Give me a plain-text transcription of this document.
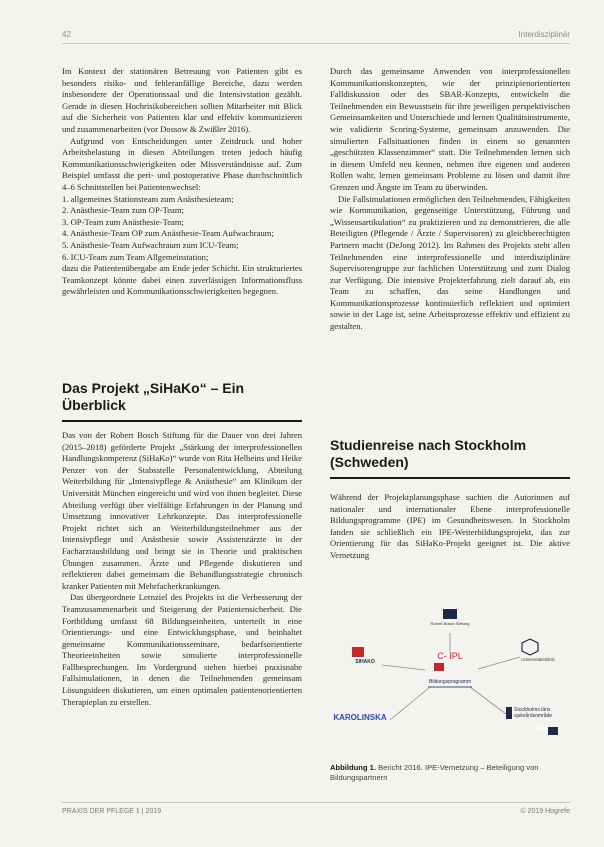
42	Interdisziplinär

Im Kontext der stationären Betreuung von Patienten gibt es besonders risiko- und fehleranfällige Bereiche, dazu werden insbesondere der Operationssaal und die Intensivstation gezählt. Gerade in diesen Hochrisikobereichen sollten Mitarbeiter mit Blick auf die Sicherheit von Patienten klar und effektiv kommunizieren und zusammenarbeiten (vor Dossow & Zwißler 2016).

Aufgrund von Entscheidungen unter Zeitdruck und hoher Arbeitsbelastung in diesen Abteilungen treten jedoch häufig Kommunikationsschwierigkeiten oder Missverständnisse auf. Zum Beispiel umfasst die peri- und postoperative Phase durchschnittlich 4–6 Schnittstellen bei Patientenwechsel:

1. allgemeines Stationsteam zum Anästhesieteam;
2. Anästhesie-Team zum OP-Team;
3. OP-Team zum Anästhesie-Team;
4. Anästhesie-Team OP zum Anästhesie-Team Aufwachraum;
5. Anästhesie-Team Aufwachraum zum ICU-Team;
6. ICU-Team zum Team Allgemeinstation;

dazu die Patientenübergabe am Ende jeder Schicht. Ein strukturiertes Teamkonzept könnte dabei einen zuverlässigen Informationsfluss gewährleisten und Kommunikationsschwierigkeiten begegnen.

Das Projekt „SiHaKo“ – Ein Überblick

Das von der Robert Bosch Stiftung für die Dauer von drei Jahren (2015–2018) geförderte Projekt „Stärkung der interprofessionellen Handlungskompetenz (SiHaKo)“ wurde von Rita Helbeins und Heike Penzer von der Stabsstelle Personalentwicklung, Abteilung Weiterbildung für „Intensivpflege & Anästhesie“ am Klinikum der Universität München eingereicht und wird von ihnen begleitet. Diese Abteilung verfügt über vielfältige Erfahrungen in der Planung und Umsetzung innovativer Lehrkonzepte. Das interprofessionelle Projekt richtet sich an Weiterbildungsteilnehmer aus der Intensivpflege und Anästhesie sowie Assistenzärzte in der Facharztausbildung und bringt sie in Theorie und praktischen Übungen zusammen. Ärzte und Pflegende diskutieren und reflektieren dabei gemeinsam die Behandlungsstrategie chronisch kranker Patienten mit Mehrfacherkrankungen.

Das übergeordnete Lernziel des Projekts ist die Verbesserung der Teamzusammenarbeit und Steigerung der Patientensicherheit. Die Fortbildung umfasst 68 Bildungseinheiten, unterteilt in eine Orientierungs- und eine Entwicklungsphase, und beinhaltet gemeinsame Kommunikationsseminare, bedarfsorientierte Theorieeinheiten sowie simulierte interprofessionelle Fallbesprechungen. Im Vordergrund stehen hierbei praxisnahe Fallsimulationen, in denen die Teilnehmenden gemeinsam Lösungsideen diskutieren, um einen optimalen patientenorientierten Therapieplan zu erstellen.

Durch das gemeinsame Anwenden von interprofessionellen Kommunikationskonzepten, wie der prinzipienorientierten Falldiskussion oder des SBAR-Konzepts, entwickeln die Teilnehmenden ein Bewusstsein für ihre jeweiligen perspektivischen Gemeinsamkeiten und Unterschiede und lernen Qualitätsinstrumente, wie validierte Scoring-Systeme, gemeinsam anzuwenden. Die simulierten Fallsituationen finden in einem so genannten „geschützten Klassenzimmer“ statt. Die Teilnehmenden lernen sich in diesem Umfeld neu kennen, nehmen ihre eigenen und anderen Rollen wahr, lernen gemeinsam Probleme zu lösen und damit ihre Grenzen und Ängste im Team zu überwinden.

Die Fallsimulationen ermöglichen den Teilnehmenden, Fähigkeiten wie Kommunikation, gegenseitige Unterstützung, Führung und „Wissensartikulation“ zu praktizieren und zu demonstrieren, die alle Beteiligten (Pflegende / Ärzte / Supervisoren) zu gleichberechtigten Partnern macht (DeJong 2012). Im Rahmen des Projekts steht allen Teilnehmenden eine interprofessionelle und interdisziplinäre Supervisorengruppe zur fachlichen Unterstützung und zum Dialog zur Verfügung. Die intensive Projekterfahrung zielt darauf ab, ein Team zu schaffen, das seine Handlungen und Kommunikationsprozesse kontinuierlich reflektiert und optimiert sowie in der Lage ist, seine Arbeitsprozesse effektiv und effizient zu gestalten.

Studienreise nach Stockholm (Schweden)

Während der Projektplanungsphase suchten die Autorinnen auf nationaler und internationaler Ebene interprofessionelle Bildungsprogramme (IPE) im Gesundheitswesen. In Stockholm fanden sie schließlich ein IPE-Weiterbildungsprojekt, das zur Orientierung für das SiHaKo-Projekt geeignet ist. Die aktive Vernetzung

Robert Bosch Stiftung
SIHAKO	Universitätsklinik
C- IPL
Bildungsprogramm
KAROLINSKA
Stockholms läns sjukvårdsområde
SOS
Abbildung 1. Bericht 2016. IPE-Vernetzung – Beteiligung von Bildungspartnern
PRAXIS DER PFLEGE 1 | 2019	© 2019 Hogrefe
